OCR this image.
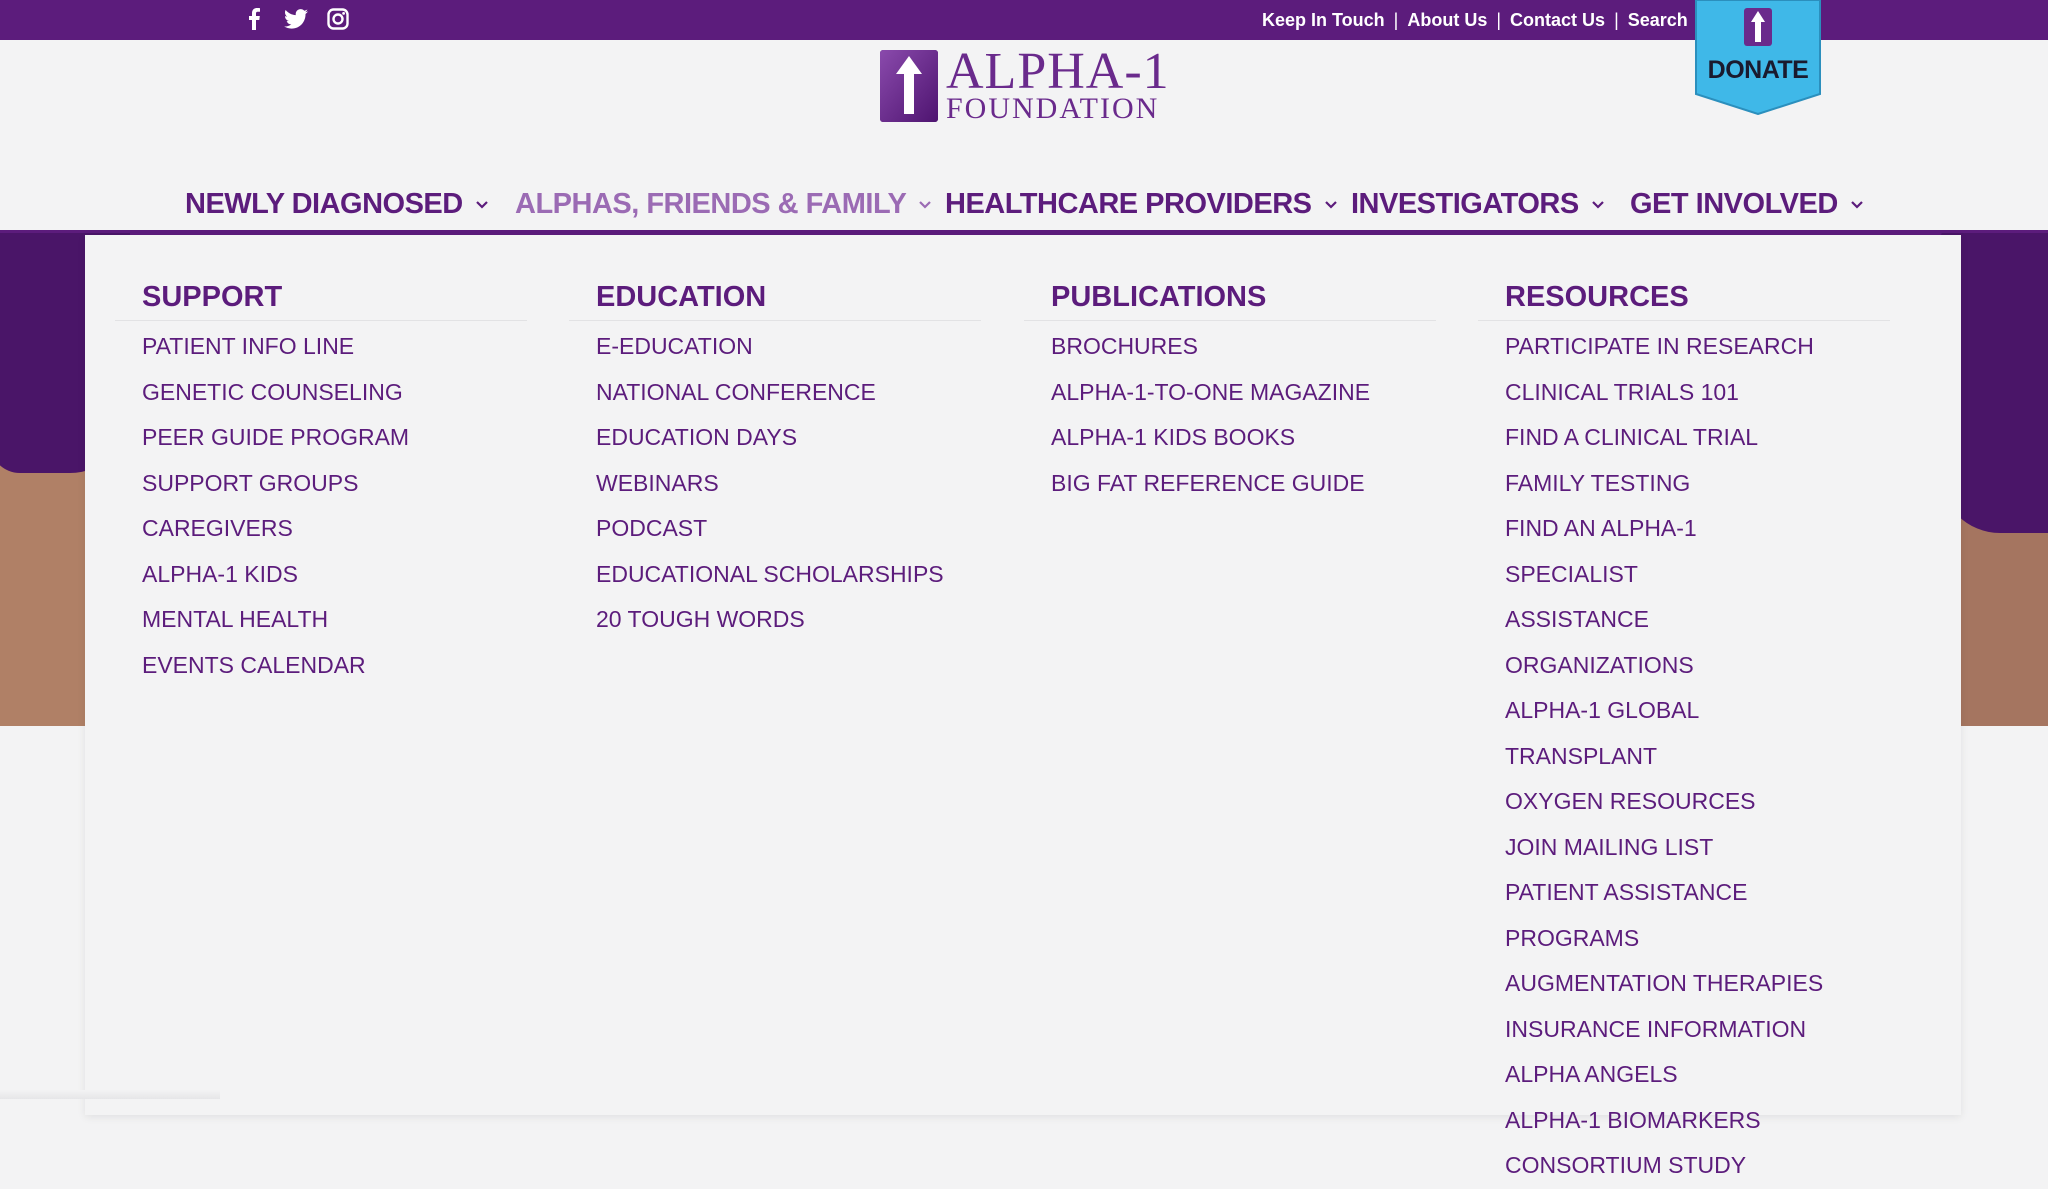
Keep In Touch | About Us | Contact Us | Search
DONATE
ALPHA-1
FOUNDATION
NEWLY DIAGNOSED ALPHAS, FRIENDS & FAMILY HEALTHCARE PROVIDERS INVESTIGATORS GET INVOLVED
SUPPORT
PATIENT INFO LINE
GENETIC COUNSELING
PEER GUIDE PROGRAM
SUPPORT GROUPS
CAREGIVERS
ALPHA-1 KIDS
MENTAL HEALTH
EVENTS CALENDAR
EDUCATION
E-EDUCATION
NATIONAL CONFERENCE
EDUCATION DAYS
WEBINARS
PODCAST
EDUCATIONAL SCHOLARSHIPS
20 TOUGH WORDS
PUBLICATIONS
BROCHURES
ALPHA-1-TO-ONE MAGAZINE
ALPHA-1 KIDS BOOKS
BIG FAT REFERENCE GUIDE
RESOURCES
PARTICIPATE IN RESEARCH
CLINICAL TRIALS 101
FIND A CLINICAL TRIAL
FAMILY TESTING
FIND AN ALPHA-1 SPECIALIST
ASSISTANCE ORGANIZATIONS
ALPHA-1 GLOBAL
TRANSPLANT
OXYGEN RESOURCES
JOIN MAILING LIST
PATIENT ASSISTANCE PROGRAMS
AUGMENTATION THERAPIES
INSURANCE INFORMATION
ALPHA ANGELS
ALPHA-1 BIOMARKERS CONSORTIUM STUDY
